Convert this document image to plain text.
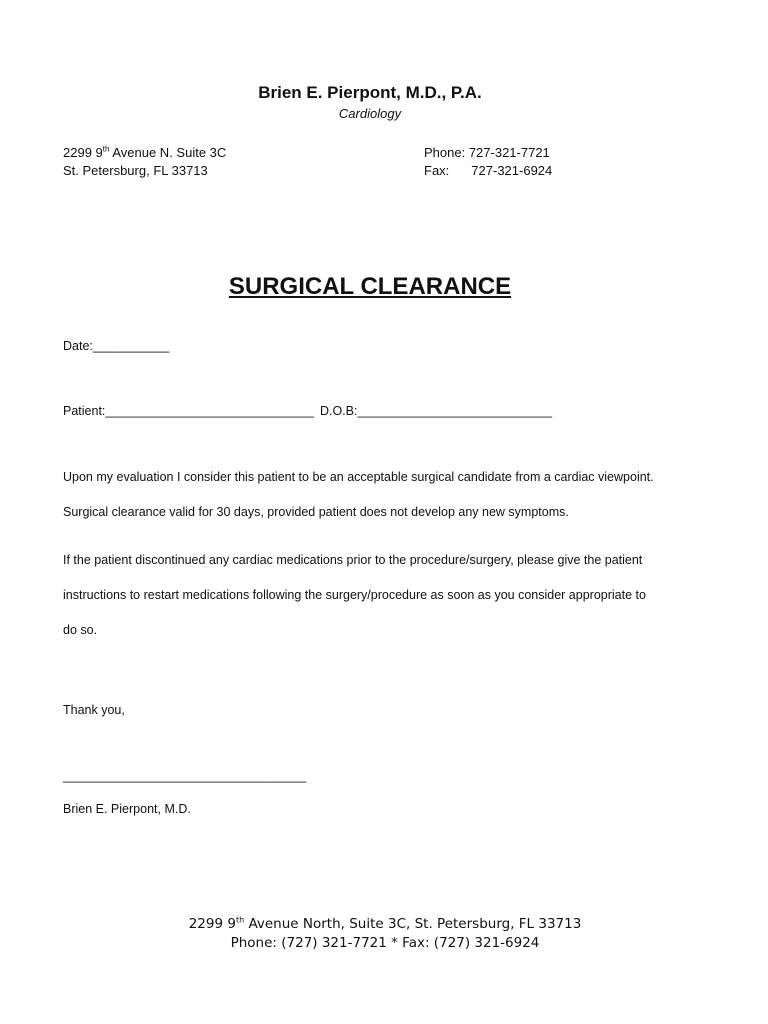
Brien E. Pierpont, M.D., P.A.
Cardiology
2299 9th Avenue N. Suite 3C
St. Petersburg, FL 33713
Phone: 727-321-7721
Fax: 727-321-6924
SURGICAL CLEARANCE
Date:___________
Patient:______________________________ D.O.B:____________________________
Upon my evaluation I consider this patient to be an acceptable surgical candidate from a cardiac viewpoint.
Surgical clearance valid for 30 days, provided patient does not develop any new symptoms.
If the patient discontinued any cardiac medications prior to the procedure/surgery, please give the patient
instructions to restart medications following the surgery/procedure as soon as you consider appropriate to
do so.
Thank you,
___________________________________
Brien E. Pierpont, M.D.
2299 9th Avenue North, Suite 3C, St. Petersburg, FL 33713
Phone: (727) 321-7721 * Fax: (727) 321-6924
